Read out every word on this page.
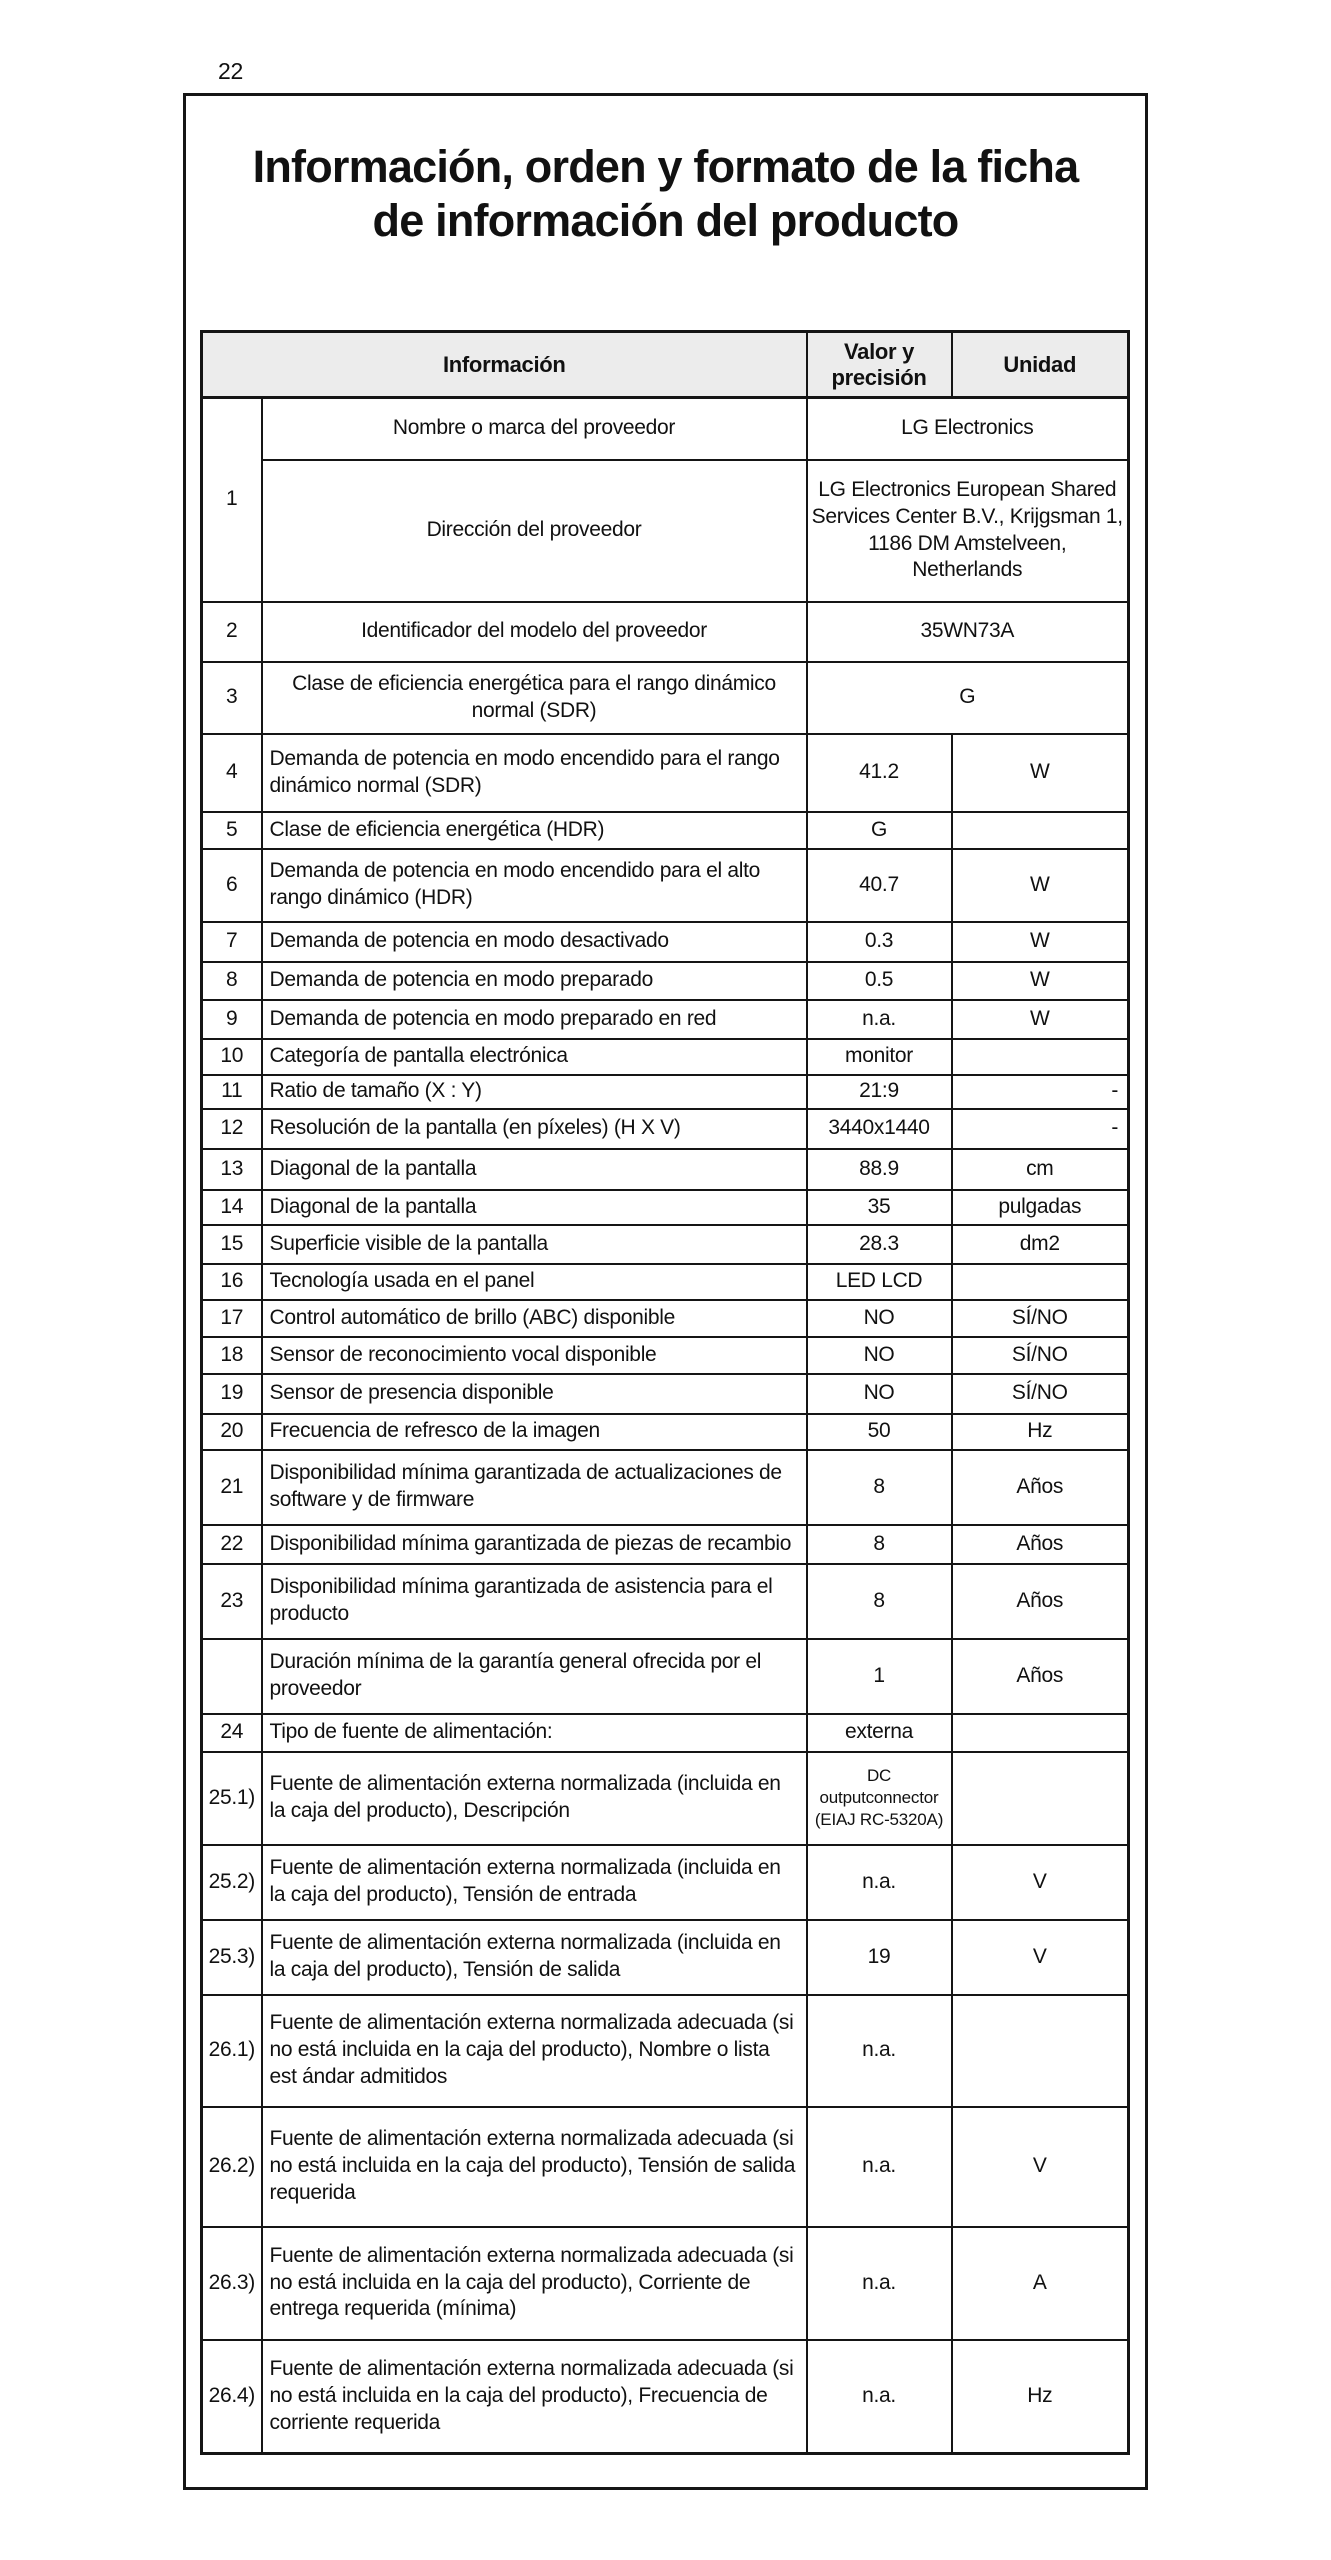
22
Información, orden y formato de la ficha
de información del producto
Información		Valor y precisión	Unidad
1	Nombre o marca del proveedor	LG Electronics	
	Dirección del proveedor	LG Electronics European Shared Services Center B.V., Krijgsman 1, 1186 DM Amstelveen, Netherlands	
2	Identificador del modelo del proveedor	35WN73A	
3	Clase de eficiencia energética para el rango dinámico normal (SDR)	G	
4	Demanda de potencia en modo encendido para el rango dinámico normal (SDR)	41.2	W
5	Clase de eficiencia energética (HDR)	G	
6	Demanda de potencia en modo encendido para el alto rango dinámico (HDR)	40.7	W
7	Demanda de potencia en modo desactivado	0.3	W
8	Demanda de potencia en modo preparado	0.5	W
9	Demanda de potencia en modo preparado en red	n.a.	W
10	Categoría de pantalla electrónica	monitor	
11	Ratio de tamaño (X : Y)	21:9	-
12	Resolución de la pantalla (en píxeles) (H X V)	3440x1440	-
13	Diagonal de la pantalla	88.9	cm
14	Diagonal de la pantalla	35	pulgadas
15	Superficie visible de la pantalla	28.3	dm2
16	Tecnología usada en el panel	LED LCD	
17	Control automático de brillo (ABC) disponible	NO	SÍ/NO
18	Sensor de reconocimiento vocal disponible	NO	SÍ/NO
19	Sensor de presencia disponible	NO	SÍ/NO
20	Frecuencia de refresco de la imagen	50	Hz
21	Disponibilidad mínima garantizada de actualizaciones de software y de firmware	8	Años
22	Disponibilidad mínima garantizada de piezas de recambio	8	Años
23	Disponibilidad mínima garantizada de asistencia para el producto	8	Años
	Duración mínima de la garantía general ofrecida por el proveedor	1	Años
24	Tipo de fuente de alimentación:	externa	
25.1)	Fuente de alimentación externa normalizada (incluida en la caja del producto), Descripción	DC outputconnector (EIAJ RC-5320A)	
25.2)	Fuente de alimentación externa normalizada (incluida en la caja del producto), Tensión de entrada	n.a.	V
25.3)	Fuente de alimentación externa normalizada (incluida en la caja del producto), Tensión de salida	19	V
26.1)	Fuente de alimentación externa normalizada adecuada (si no está incluida en la caja del producto), Nombre o lista est ándar admitidos	n.a.	
26.2)	Fuente de alimentación externa normalizada adecuada (si no está incluida en la caja del producto), Tensión de salida requerida	n.a.	V
26.3)	Fuente de alimentación externa normalizada adecuada (si no está incluida en la caja del producto), Corriente de entrega requerida (mínima)	n.a.	A
26.4)	Fuente de alimentación externa normalizada adecuada (si no está incluida en la caja del producto), Frecuencia de corriente requerida	n.a.	Hz
